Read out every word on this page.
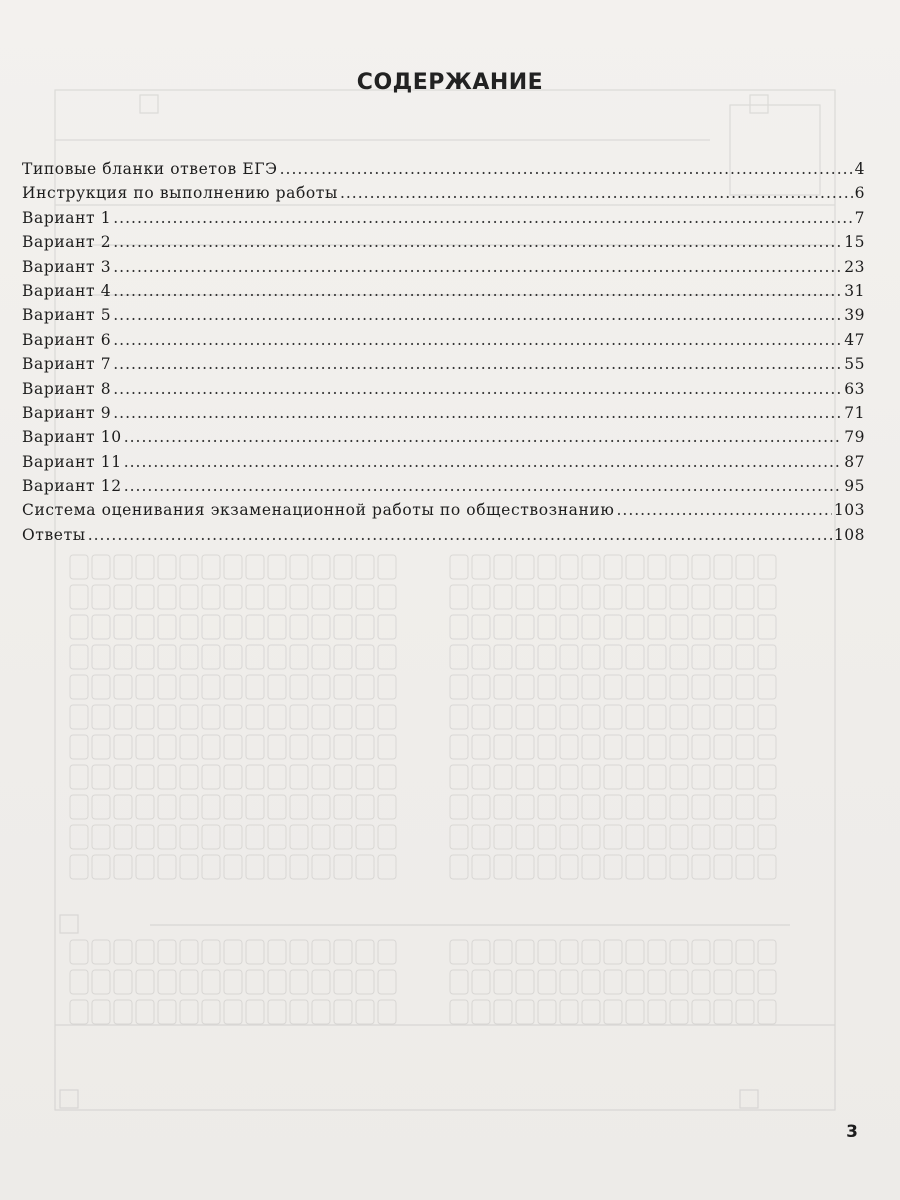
СОДЕРЖАНИЕ
Типовые бланки ответов ЕГЭ .....	4
Инструкция по выполнению работы .....	6
Вариант 1 .....	7
Вариант 2 .....	15
Вариант 3 .....	23
Вариант 4 .....	31
Вариант 5 .....	39
Вариант 6 .....	47
Вариант 7 .....	55
Вариант 8 .....	63
Вариант 9 .....	71
Вариант 10 .....	79
Вариант 11 .....	87
Вариант 12 .....	95
Система оценивания экзаменационной работы по обществознанию .....	103
Ответы .....	108
3
